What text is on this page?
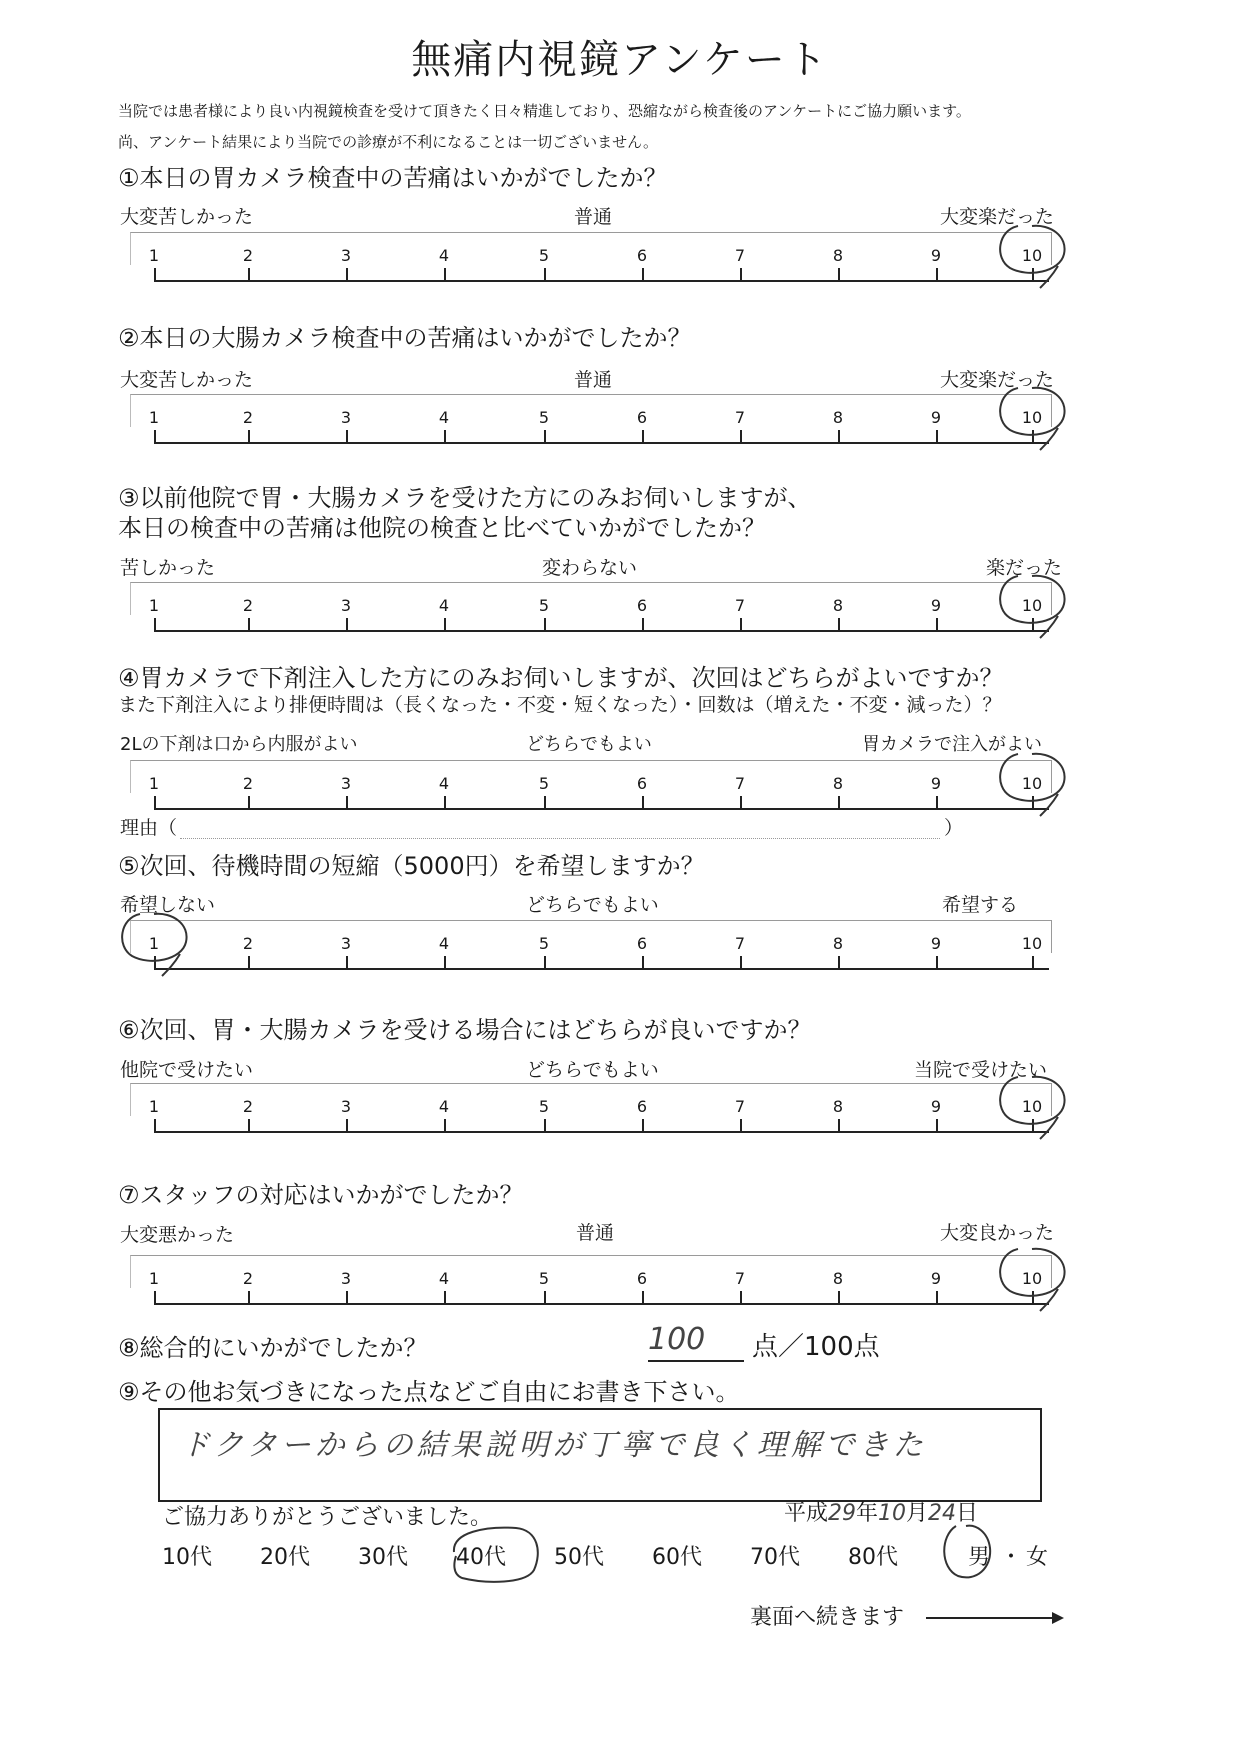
無痛内視鏡アンケート
当院では患者様により良い内視鏡検査を受けて頂きたく日々精進しており、恐縮ながら検査後のアンケートにご協力願います。
尚、アンケート結果により当院での診療が不利になることは一切ございません。
①本日の胃カメラ検査中の苦痛はいかがでしたか？
大変苦しかった	普通	大変楽だった
1	2	3	4	5	6	7	8	9	10
②本日の大腸カメラ検査中の苦痛はいかがでしたか？
大変苦しかった	普通	大変楽だった
1	2	3	4	5	6	7	8	9	10
③以前他院で胃・大腸カメラを受けた方にのみお伺いしますが、
本日の検査中の苦痛は他院の検査と比べていかがでしたか？
苦しかった	変わらない	楽だった
1	2	3	4	5	6	7	8	9	10
④胃カメラで下剤注入した方にのみお伺いしますが、次回はどちらがよいですか？
また下剤注入により排便時間は（長くなった・不変・短くなった）・回数は（増えた・不変・減った）？
2Lの下剤は口から内服がよい	どちらでもよい	胃カメラで注入がよい
1	2	3	4	5	6	7	8	9	10
理由（	）
⑤次回、待機時間の短縮（5000円）を希望しますか？
希望しない	どちらでもよい	希望する
1	2	3	4	5	6	7	8	9	10
⑥次回、胃・大腸カメラを受ける場合にはどちらが良いですか？
他院で受けたい	どちらでもよい	当院で受けたい
1	2	3	4	5	6	7	8	9	10
⑦スタッフの対応はいかがでしたか？
大変悪かった	普通	大変良かった
1	2	3	4	5	6	7	8	9	10
⑧総合的にいかがでしたか？	100 点／100点
⑨その他お気づきになった点などご自由にお書き下さい。
ドクターからの結果説明が丁寧で良く理解できた
ご協力ありがとうございました。	平成29年10月24日
10代 20代 30代 40代 50代 60代 70代 80代	男 ・ 女
裏面へ続きます
